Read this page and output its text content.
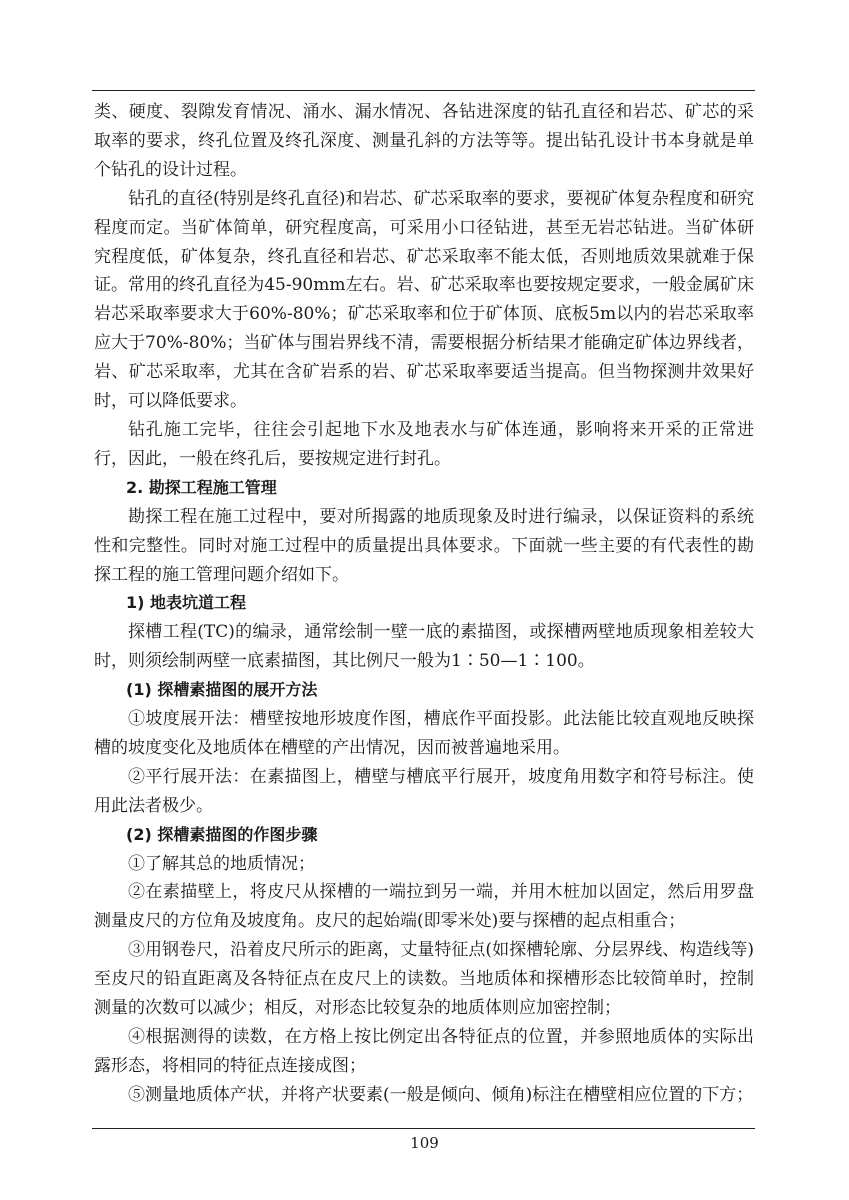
类、硬度、裂隙发育情况、涌水、漏水情况、各钻进深度的钻孔直径和岩芯、矿芯的采取率的要求，终孔位置及终孔深度、测量孔斜的方法等等。提出钻孔设计书本身就是单个钻孔的设计过程。

钻孔的直径(特别是终孔直径)和岩芯、矿芯采取率的要求，要视矿体复杂程度和研究程度而定。当矿体简单，研究程度高，可采用小口径钻进，甚至无岩芯钻进。当矿体研究程度低，矿体复杂，终孔直径和岩芯、矿芯采取率不能太低，否则地质效果就难于保证。常用的终孔直径为45-90mm左右。岩、矿芯采取率也要按规定要求，一般金属矿床岩芯采取率要求大于60%-80%；矿芯采取率和位于矿体顶、底板5m以内的岩芯采取率应大于70%-80%；当矿体与围岩界线不清，需要根据分析结果才能确定矿体边界线者，岩、矿芯采取率，尤其在含矿岩系的岩、矿芯采取率要适当提高。但当物探测井效果好时，可以降低要求。

钻孔施工完毕，往往会引起地下水及地表水与矿体连通，影响将来开采的正常进行，因此，一般在终孔后，要按规定进行封孔。

2. 勘探工程施工管理

勘探工程在施工过程中，要对所揭露的地质现象及时进行编录，以保证资料的系统性和完整性。同时对施工过程中的质量提出具体要求。下面就一些主要的有代表性的勘探工程的施工管理问题介绍如下。

1) 地表坑道工程

探槽工程(TC)的编录，通常绘制一壁一底的素描图，或探槽两壁地质现象相差较大时，则须绘制两壁一底素描图，其比例尺一般为1∶50—1∶100。

(1) 探槽素描图的展开方法

①坡度展开法：槽壁按地形坡度作图，槽底作平面投影。此法能比较直观地反映探槽的坡度变化及地质体在槽壁的产出情况，因而被普遍地采用。

②平行展开法：在素描图上，槽壁与槽底平行展开，坡度角用数字和符号标注。使用此法者极少。

(2) 探槽素描图的作图步骤

①了解其总的地质情况；

②在素描壁上，将皮尺从探槽的一端拉到另一端，并用木桩加以固定，然后用罗盘测量皮尺的方位角及坡度角。皮尺的起始端(即零米处)要与探槽的起点相重合；

③用钢卷尺，沿着皮尺所示的距离，丈量特征点(如探槽轮廓、分层界线、构造线等)至皮尺的铅直距离及各特征点在皮尺上的读数。当地质体和探槽形态比较简单时，控制测量的次数可以减少；相反，对形态比较复杂的地质体则应加密控制；

④根据测得的读数，在方格上按比例定出各特征点的位置，并参照地质体的实际出露形态，将相同的特征点连接成图；

⑤测量地质体产状，并将产状要素(一般是倾向、倾角)标注在槽壁相应位置的下方；

109
